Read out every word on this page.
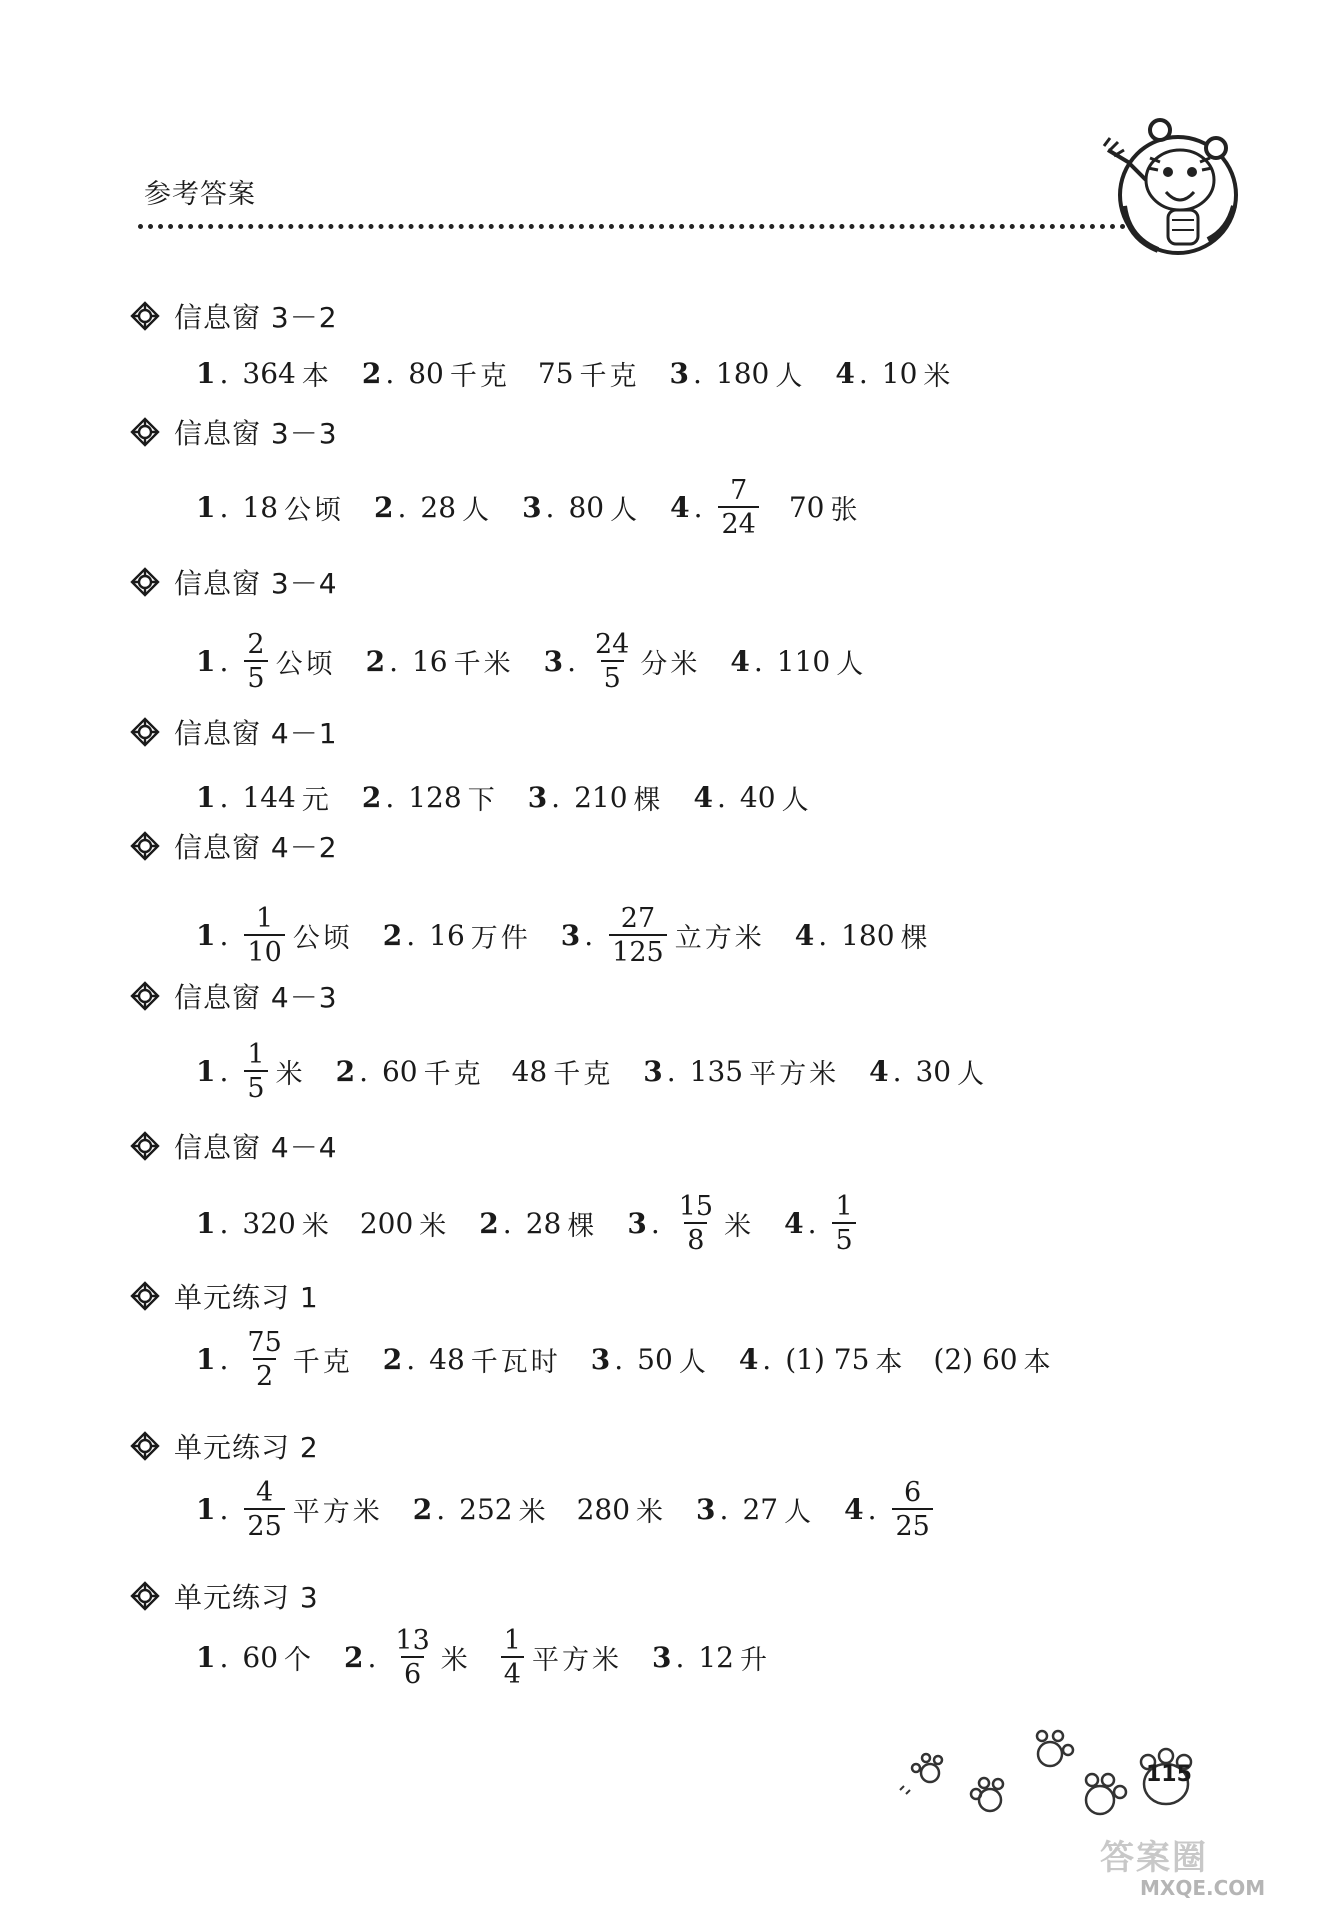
参考答案
信息窗 3－2
1 . 364 本 2 . 80 千克 75 千克 3 . 180 人 4 . 10 米
信息窗 3－3
1 . 18 公顷 2 . 28 人 3 . 80 人 4 . $\frac{7}{24} 70$ 张
信息窗 3－4
1 . $\frac{2}{5}$ 公顷 2 . 16 千米 3 . $\frac{24}{5}$ 分米 4 . 110 人
信息窗 4－1
1 . 144 元 2 . 128 下 3 . 210 棵 4 . 40 人
信息窗 4－2
1 . $\frac{1}{10}$ 公顷 2 . 16 万件 3 . $\frac{27}{125}$ 立方米 4 . 180 棵
信息窗 4－3
1 . $\frac{1}{5}$ 米 2 . 60 千克 48 千克 3 . 135 平方米 4 . 30 人
信息窗 4－4
1 . 320 米 200 米 2 . 28 棵 3 . $\frac{15}{8}$ 米 4 . $\frac{1}{5}$
单元练习 1
1 . $\frac{75}{2}$ 千克 2 . 48 千瓦时 3 . 50 人 4 . (1) 75 本 (2) 60 本
单元练习 2
1 . $\frac{4}{25}$ 平方米 2 . 252 米 280 米 3 . 27 人 4 . $\frac{6}{25}$
单元练习 3
1 . 60 个 2 . $\frac{13}{6}$ 米 $\frac{1}{4}$ 平方米 3 . 12 升
115
答案圈
MXQE.COM
